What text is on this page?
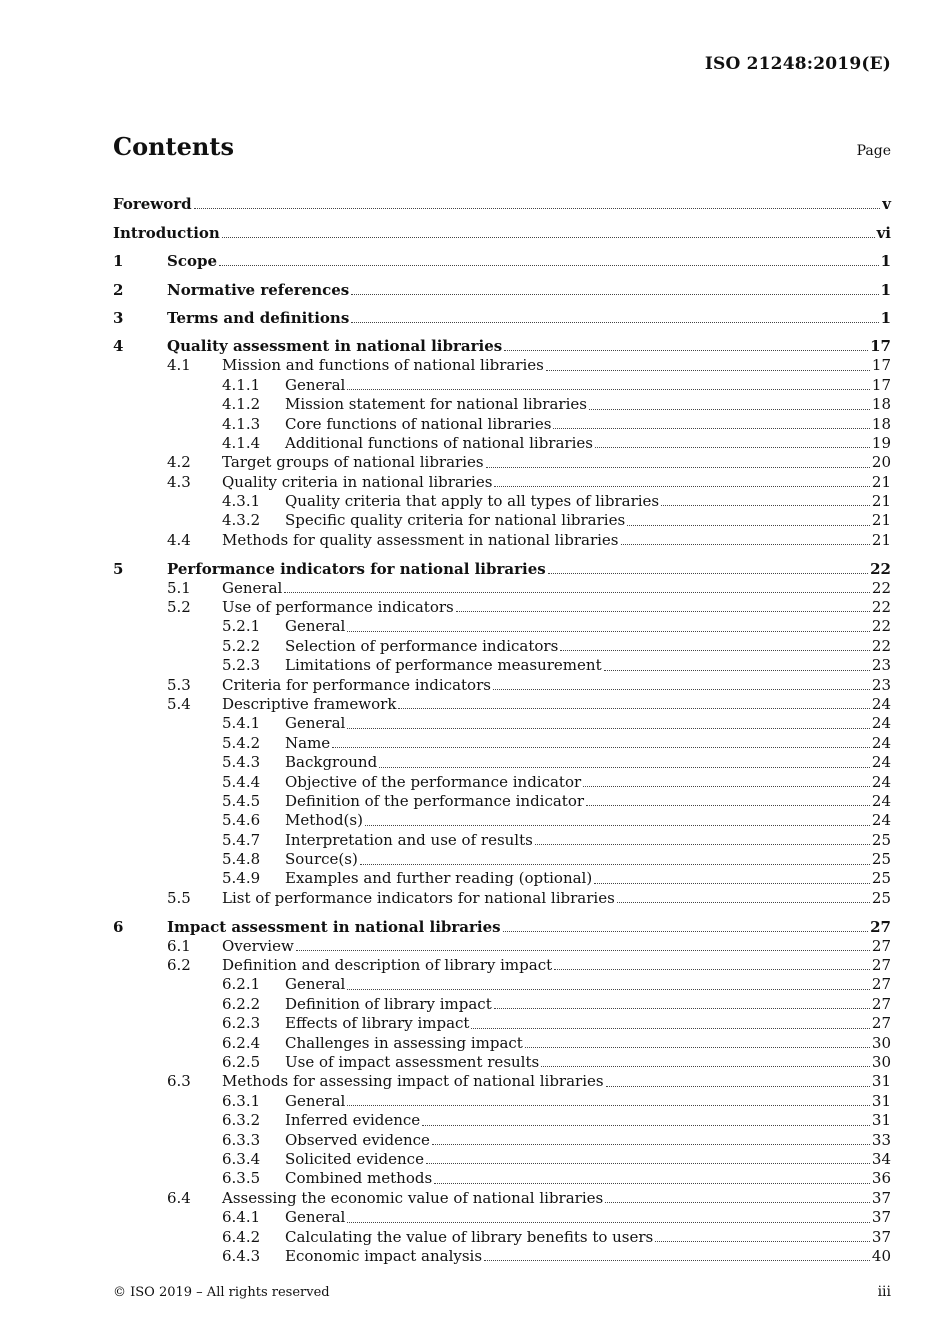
ISO 21248:2019(E)
Contents	Page
Foreword	v
Introduction	vi
1	Scope	1
2	Normative references	1
3	Terms and definitions	1
4	Quality assessment in national libraries	17
4.1	Mission and functions of national libraries	17
4.1.1	General	17
4.1.2	Mission statement for national libraries	18
4.1.3	Core functions of national libraries	18
4.1.4	Additional functions of national libraries	19
4.2	Target groups of national libraries	20
4.3	Quality criteria in national libraries	21
4.3.1	Quality criteria that apply to all types of libraries	21
4.3.2	Specific quality criteria for national libraries	21
4.4	Methods for quality assessment in national libraries	21
5	Performance indicators for national libraries	22
5.1	General	22
5.2	Use of performance indicators	22
5.2.1	General	22
5.2.2	Selection of performance indicators	22
5.2.3	Limitations of performance measurement	23
5.3	Criteria for performance indicators	23
5.4	Descriptive framework	24
5.4.1	General	24
5.4.2	Name	24
5.4.3	Background	24
5.4.4	Objective of the performance indicator	24
5.4.5	Definition of the performance indicator	24
5.4.6	Method(s)	24
5.4.7	Interpretation and use of results	25
5.4.8	Source(s)	25
5.4.9	Examples and further reading (optional)	25
5.5	List of performance indicators for national libraries	25
6	Impact assessment in national libraries	27
6.1	Overview	27
6.2	Definition and description of library impact	27
6.2.1	General	27
6.2.2	Definition of library impact	27
6.2.3	Effects of library impact	27
6.2.4	Challenges in assessing impact	30
6.2.5	Use of impact assessment results	30
6.3	Methods for assessing impact of national libraries	31
6.3.1	General	31
6.3.2	Inferred evidence	31
6.3.3	Observed evidence	33
6.3.4	Solicited evidence	34
6.3.5	Combined methods	36
6.4	Assessing the economic value of national libraries	37
6.4.1	General	37
6.4.2	Calculating the value of library benefits to users	37
6.4.3	Economic impact analysis	40
© ISO 2019 – All rights reserved	iii
